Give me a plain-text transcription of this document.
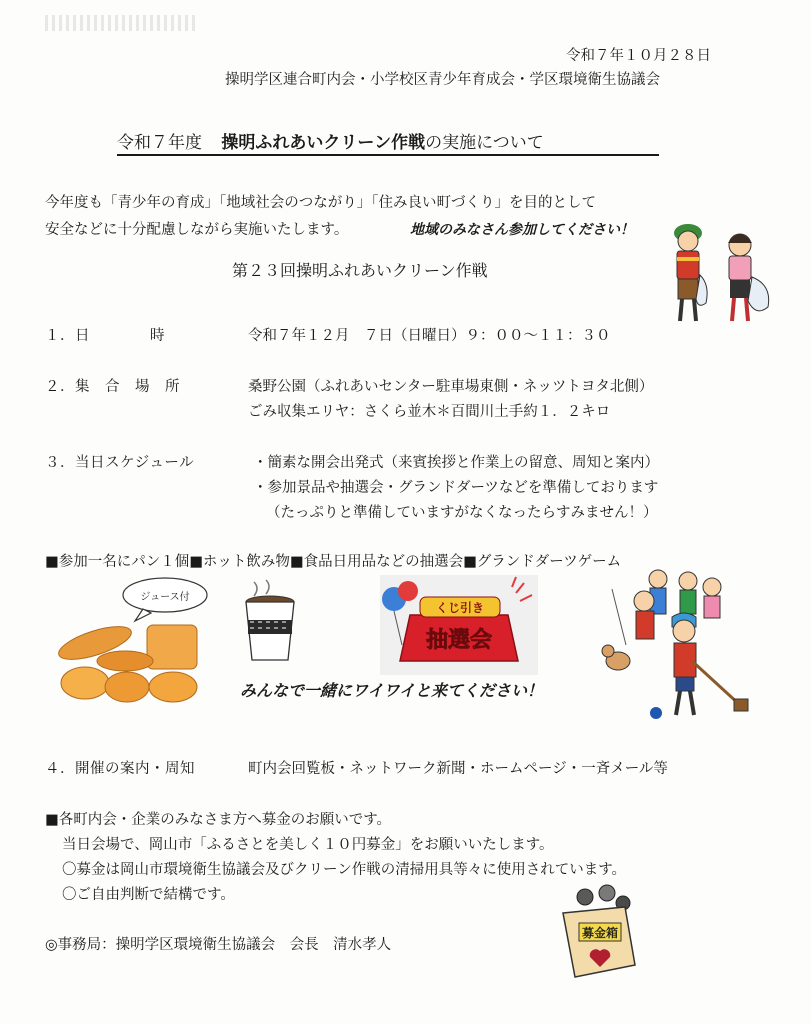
令和７年１０月２８日
操明学区連合町内会・小学校区青少年育成会・学区環境衛生協議会
令和７年度 操明ふれあいクリーン作戦の実施について
今年度も「青少年の育成」「地域社会のつながり」「住み良い町づくり」を目的として
安全などに十分配慮しながら実施いたします。	地域のみなさん参加してください！
第２３回操明ふれあいクリーン作戦
１．日　　　　時	令和７年１２月　７日（日曜日）９：００～１１：３０
２．集　合　場　所	桑野公園（ふれあいセンター駐車場東側・ネッツトヨタ北側）
ごみ収集エリヤ：さくら並木＊百間川土手約１．２キロ
３．当日スケジュール	・簡素な開会出発式（来賓挨拶と作業上の留意、周知と案内）
・参加景品や抽選会・グランドダーツなどを準備しております
（たっぷりと準備していますがなくなったらすみません！）
■参加一名にパン１個■ホット飲み物■食品日用品などの抽選会■グランドダーツゲーム
ジュース付
くじ引き
抽選会
みんなで一緒にワイワイと来てください！
４．開催の案内・周知	町内会回覧板・ネットワーク新聞・ホームページ・一斉メール等
■各町内会・企業のみなさま方へ募金のお願いです。
当日会場で、岡山市「ふるさとを美しく１０円募金」をお願いいたします。
〇募金は岡山市環境衛生協議会及びクリーン作戦の清掃用具等々に使用されています。
〇ご自由判断で結構です。
募金箱
◎事務局：操明学区環境衛生協議会　会長　清水孝人
